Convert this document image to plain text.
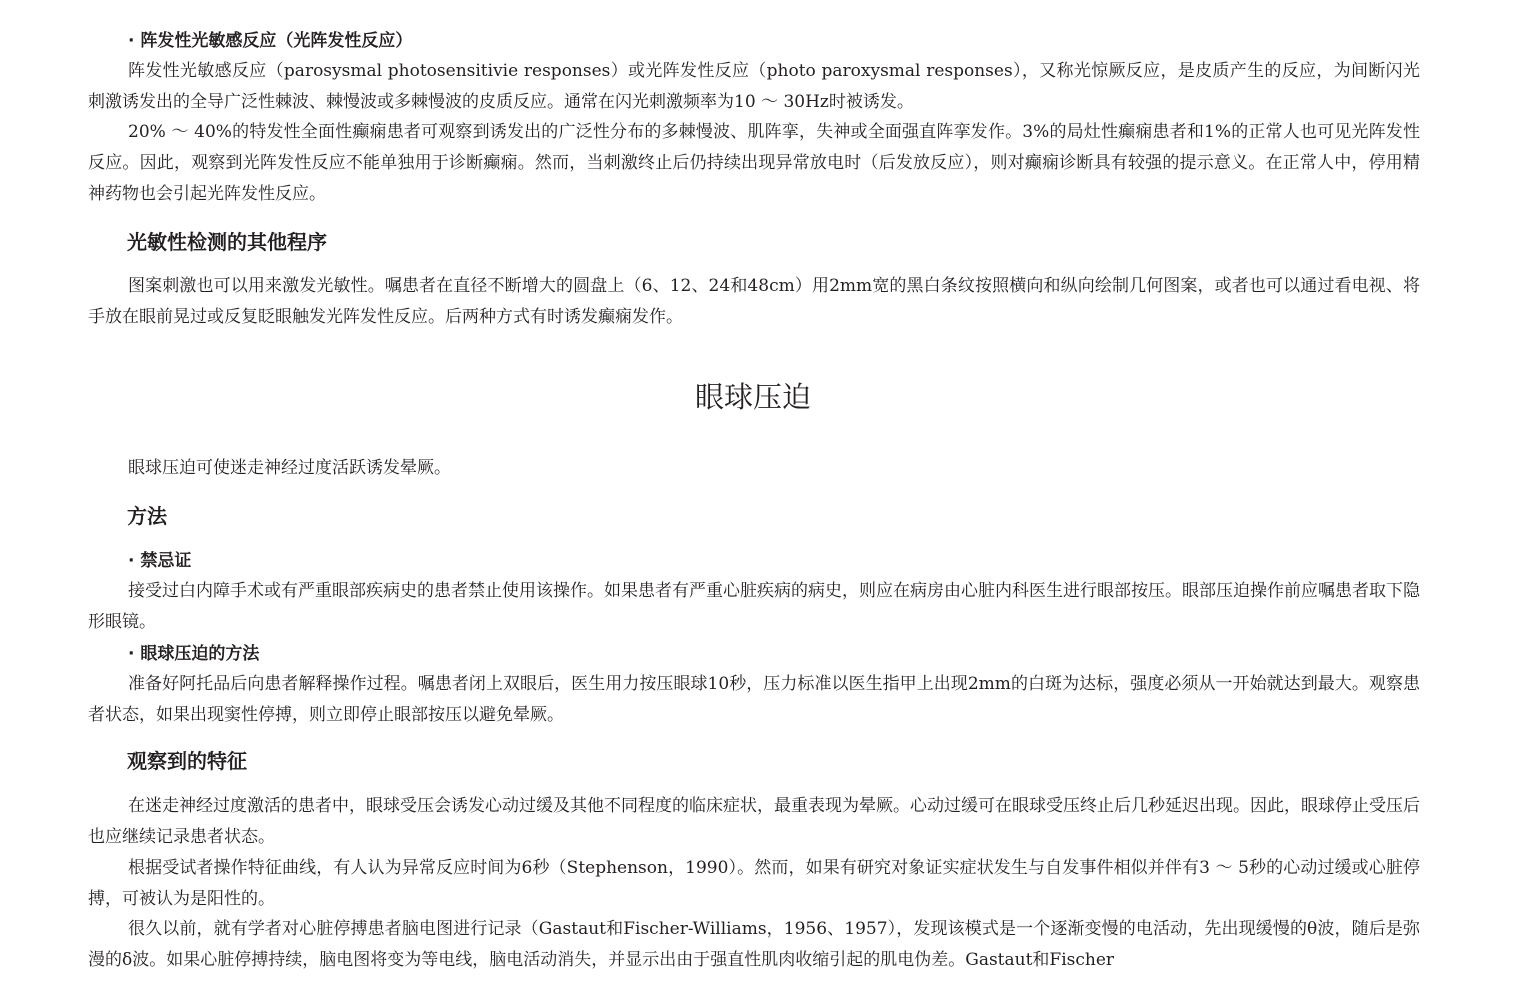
· 阵发性光敏感反应（光阵发性反应）
阵发性光敏感反应（parosysmal photosensitivie responses）或光阵发性反应（photo paroxysmal responses），又称光惊厥反应，是皮质产生的反应，为间断闪光刺激诱发出的全导广泛性棘波、棘慢波或多棘慢波的皮质反应。通常在闪光刺激频率为10 ～ 30Hz时被诱发。
20% ～ 40%的特发性全面性癫痫患者可观察到诱发出的广泛性分布的多棘慢波、肌阵挛，失神或全面强直阵挛发作。3%的局灶性癫痫患者和1%的正常人也可见光阵发性反应。因此，观察到光阵发性反应不能单独用于诊断癫痫。然而，当刺激终止后仍持续出现异常放电时（后发放反应），则对癫痫诊断具有较强的提示意义。在正常人中，停用精神药物也会引起光阵发性反应。
光敏性检测的其他程序
图案刺激也可以用来激发光敏性。嘱患者在直径不断增大的圆盘上（6、12、24和48cm）用2mm宽的黑白条纹按照横向和纵向绘制几何图案，或者也可以通过看电视、将手放在眼前晃过或反复眨眼触发光阵发性反应。后两种方式有时诱发癫痫发作。
眼球压迫
眼球压迫可使迷走神经过度活跃诱发晕厥。
方法
· 禁忌证
接受过白内障手术或有严重眼部疾病史的患者禁止使用该操作。如果患者有严重心脏疾病的病史，则应在病房由心脏内科医生进行眼部按压。眼部压迫操作前应嘱患者取下隐形眼镜。
· 眼球压迫的方法
准备好阿托品后向患者解释操作过程。嘱患者闭上双眼后，医生用力按压眼球10秒，压力标准以医生指甲上出现2mm的白斑为达标，强度必须从一开始就达到最大。观察患者状态，如果出现窦性停搏，则立即停止眼部按压以避免晕厥。
观察到的特征
在迷走神经过度激活的患者中，眼球受压会诱发心动过缓及其他不同程度的临床症状，最重表现为晕厥。心动过缓可在眼球受压终止后几秒延迟出现。因此，眼球停止受压后也应继续记录患者状态。
根据受试者操作特征曲线，有人认为异常反应时间为6秒（Stephenson，1990）。然而，如果有研究对象证实症状发生与自发事件相似并伴有3 ～ 5秒的心动过缓或心脏停搏，可被认为是阳性的。
很久以前，就有学者对心脏停搏患者脑电图进行记录（Gastaut和Fischer-Williams，1956、1957），发现该模式是一个逐渐变慢的电活动，先出现缓慢的θ波，随后是弥漫的δ波。如果心脏停搏持续，脑电图将变为等电线，脑电活动消失，并显示出由于强直性肌肉收缩引起的肌电伪差。Gastaut和Fischer
